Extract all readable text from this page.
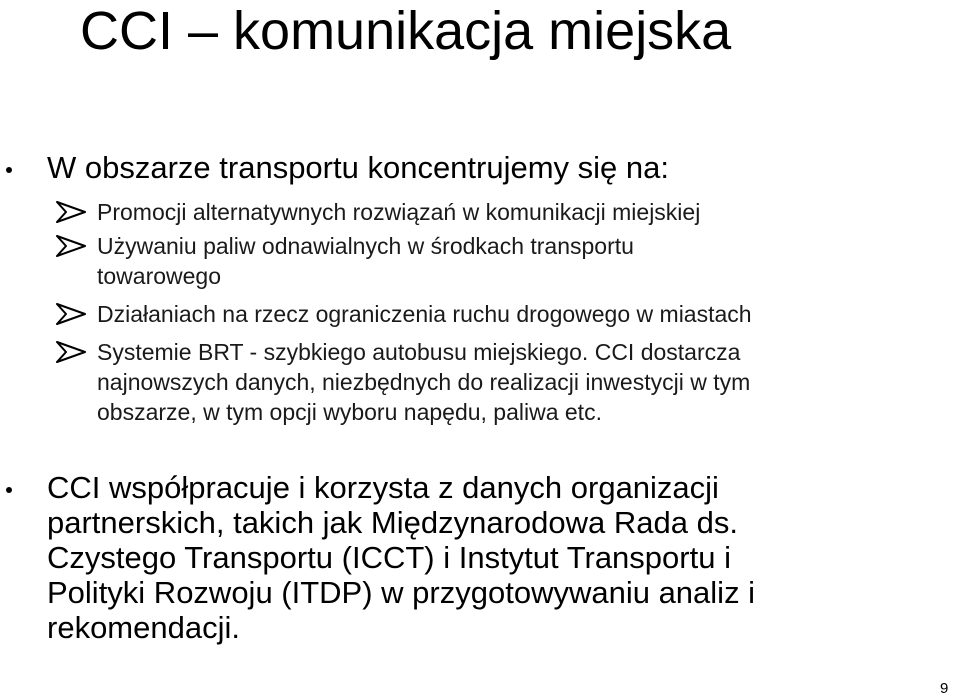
CCI – komunikacja miejska
W obszarze transportu koncentrujemy się na:
Promocji alternatywnych rozwiązań w komunikacji miejskiej
Używaniu paliw odnawialnych w środkach transportu
towarowego
Działaniach na rzecz ograniczenia ruchu drogowego w miastach
Systemie BRT - szybkiego autobusu miejskiego. CCI dostarcza
najnowszych danych, niezbędnych do realizacji inwestycji w tym
obszarze, w tym opcji wyboru napędu, paliwa etc.
CCI współpracuje i korzysta z danych organizacji
partnerskich, takich jak Międzynarodowa Rada ds.
Czystego Transportu (ICCT) i Instytut Transportu i
Polityki Rozwoju (ITDP) w przygotowywaniu analiz i
rekomendacji.
9
